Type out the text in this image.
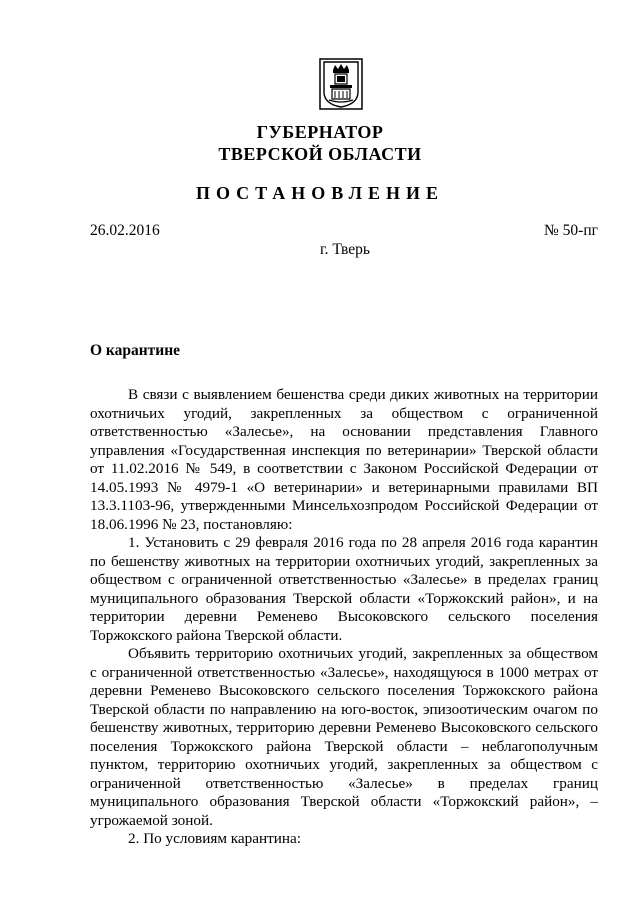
ГУБЕРНАТОР
ТВЕРСКОЙ ОБЛАСТИ
ПОСТАНОВЛЕНИЕ
26.02.2016	№ 50-пг
г. Тверь
О карантине

В связи с выявлением бешенства среди диких животных на территории охотничьих угодий, закрепленных за обществом с ограниченной ответственностью «Залесье», на основании представления Главного управления «Государственная инспекция по ветеринарии» Тверской области от 11.02.2016 № 549, в соответствии с Законом Российской Федерации от 14.05.1993 № 4979-1 «О ветеринарии» и ветеринарными правилами ВП 13.3.1103-96, утвержденными Минсельхозпродом Российской Федерации от 18.06.1996 № 23, постановляю:

1. Установить с 29 февраля 2016 года по 28 апреля 2016 года карантин по бешенству животных на территории охотничьих угодий, закрепленных за обществом с ограниченной ответственностью «Залесье» в пределах границ муниципального образования Тверской области «Торжокский район», и на территории деревни Ременево Высоковского сельского поселения Торжокского района Тверской области.

Объявить территорию охотничьих угодий, закрепленных за обществом с ограниченной ответственностью «Залесье», находящуюся в 1000 метрах от деревни Ременево Высоковского сельского поселения Торжокского района Тверской области по направлению на юго-восток, эпизоотическим очагом по бешенству животных, территорию деревни Ременево Высоковского сельского поселения Торжокского района Тверской области – неблагополучным пунктом, территорию охотничьих угодий, закрепленных за обществом с ограниченной ответственностью «Залесье» в пределах границ муниципального образования Тверской области «Торжокский район», – угрожаемой зоной.

2. По условиям карантина:
